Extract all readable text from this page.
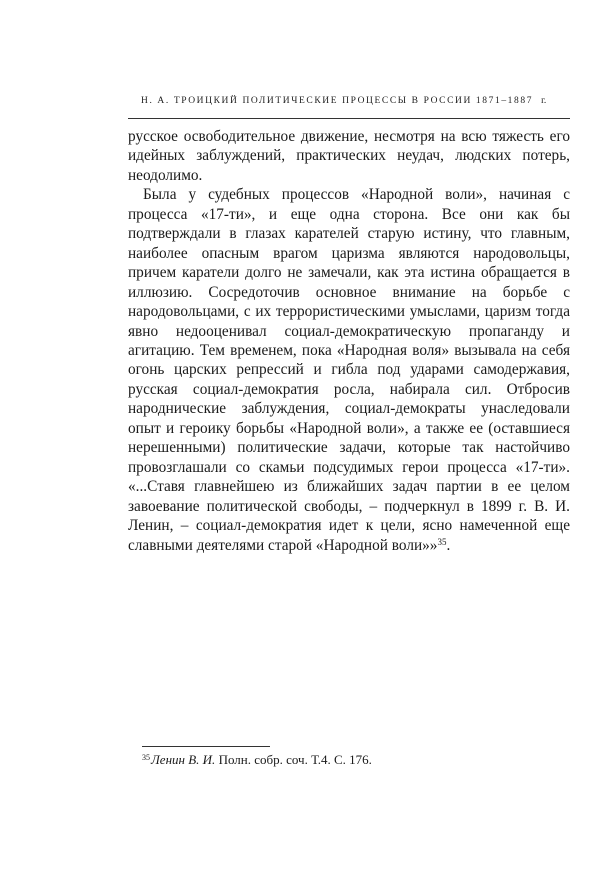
Н. А. ТРОИЦКИЙ ПОЛИТИЧЕСКИЕ ПРОЦЕССЫ В РОССИИ 1871–1887 г.

русское освободительное движение, несмотря на всю тяжесть его идейных заблуждений, практических неудач, людских потерь, неодолимо.

Была у судебных процессов «Народной воли», начиная с процесса «17-ти», и еще одна сторона. Все они как бы подтверждали в глазах карателей старую истину, что главным, наиболее опасным врагом царизма являются народовольцы, причем каратели долго не замечали, как эта истина обращается в иллюзию. Сосредоточив основное внимание на борьбе с народовольцами, с их террористическими умыслами, царизм тогда явно недооценивал социал-демократическую пропаганду и агитацию. Тем временем, пока «Народная воля» вызывала на себя огонь царских репрессий и гибла под ударами самодержавия, русская социал-демократия росла, набирала сил. Отбросив народнические заблуждения, социал-демократы унаследовали опыт и героику борьбы «Народной воли», а также ее (оставшиеся нерешенными) политические задачи, которые так настойчиво провозглашали со скамьи подсудимых герои процесса «17-ти». «...Ставя главнейшею из ближайших задач партии в ее целом завоевание политической свободы, – подчеркнул в 1899 г. В. И. Ленин, – социал-демократия идет к цели, ясно намеченной еще славными деятелями старой «Народной воли»»$^{35}$.

$^{35}$Ленин В. И. Полн. собр. соч. Т.4. С. 176.
